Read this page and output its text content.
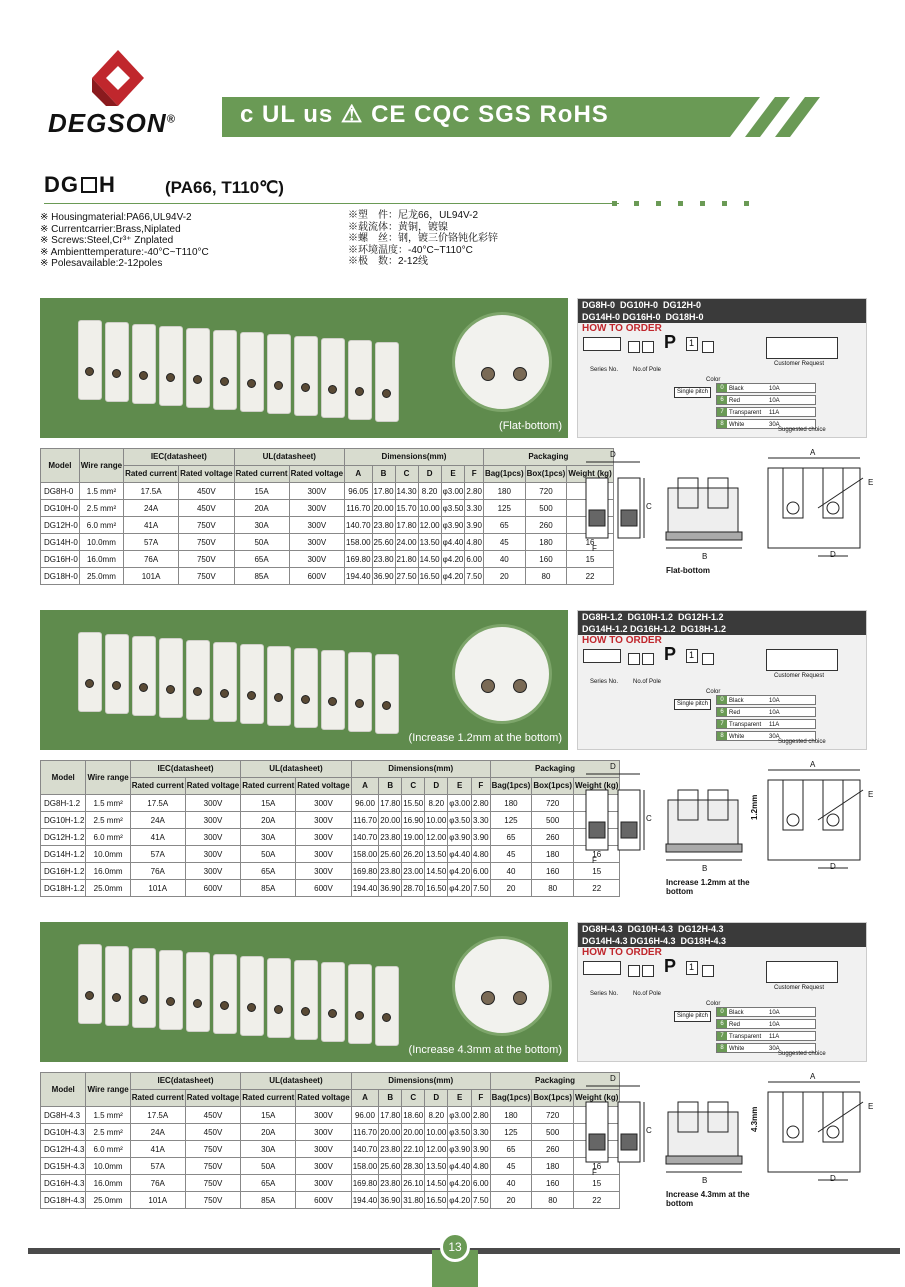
DEGSON®	c UL us ⚠ CE CQC SGS RoHS
DG H	(PA66, T110℃)
※ Housingmaterial:PA66,UL94V-2
※ Currentcarrier:Brass,Niplated
※ Screws:Steel,Cr³⁺ Znplated
※ Ambienttemperature:-40°C~T110°C
※ Polesavailable:2-12poles
※塑　件：尼龙66，UL94V-2
※载流体：黄铜，镀镍
※螺　丝：钢，镀三价铬钝化彩锌
※环境温度：-40°C~T110°C
※极　数：2-12线
(Flat-bottom)
DG8H-0  DG10H-0  DG12H-0
DG14H-0 DG16H-0  DG18H-0
HOW TO ORDER
P 1
Series No. No.of Pole
Color
Customer Request
Single pitch
0 Black	10A
6 Red	10A
7 Transparent 11A
8 White	30A
Suggested choice
Model	Wire range	IEC(datasheet)		UL(datasheet)		Dimensions(mm)						Packaging		
		Rated current	Rated voltage	Rated current	Rated voltage	A	B	C	D	E	F	Bag(1pcs)	Box(1pcs)	Weight (kg)
DG8H-0	1.5 mm²	17.5A	450V	15A	300V	96.05	17.80	14.30	8.20	φ3.00	2.80	180	720	
DG10H-0	2.5 mm²	24A	450V	20A	300V	116.70	20.00	15.70	10.00	φ3.50	3.30	125	500	
DG12H-0	6.0 mm²	41A	750V	30A	300V	140.70	23.80	17.80	12.00	φ3.90	3.90	65	260	
DG14H-0	10.0mm	57A	750V	50A	300V	158.00	25.60	24.00	13.50	φ4.40	4.80	45	180	16
DG16H-0	16.0mm	76A	750V	65A	300V	169.80	23.80	21.80	14.50	φ4.20	6.00	40	160	15
DG18H-0	25.0mm	101A	750V	85A	600V	194.40	36.90	27.50	16.50	φ4.20	7.50	20	80	22
A
B
C
D
E
F
D
Flat-bottom
(Increase 1.2mm at the bottom)
DG8H-1.2  DG10H-1.2  DG12H-1.2
DG14H-1.2 DG16H-1.2  DG18H-1.2
HOW TO ORDER
P 1
Series No. No.of Pole
Color
Customer Request
Single pitch
0 Black	10A
6 Red	10A
7 Transparent 11A
8 White	30A
Suggested choice
Model	Wire range	IEC(datasheet)		UL(datasheet)		Dimensions(mm)						Packaging		
		Rated current	Rated voltage	Rated current	Rated voltage	A	B	C	D	E	F	Bag(1pcs)	Box(1pcs)	Weight (kg)
DG8H-1.2	1.5 mm²	17.5A	300V	15A	300V	96.00	17.80	15.50	8.20	φ3.00	2.80	180	720	
DG10H-1.2	2.5 mm²	24A	300V	20A	300V	116.70	20.00	16.90	10.00	φ3.50	3.30	125	500	
DG12H-1.2	6.0 mm²	41A	300V	30A	300V	140.70	23.80	19.00	12.00	φ3.90	3.90	65	260	
DG14H-1.2	10.0mm	57A	300V	50A	300V	158.00	25.60	26.20	13.50	φ4.40	4.80	45	180	16
DG16H-1.2	16.0mm	76A	300V	65A	300V	169.80	23.80	23.00	14.50	φ4.20	6.00	40	160	15
DG18H-1.2	25.0mm	101A	600V	85A	600V	194.40	36.90	28.70	16.50	φ4.20	7.50	20	80	22
A
B
C
D
E
F
D
1.2mm
Increase 1.2mm at the bottom
(Increase 4.3mm at the bottom)
DG8H-4.3  DG10H-4.3  DG12H-4.3
DG14H-4.3 DG16H-4.3  DG18H-4.3
HOW TO ORDER
P 1
Series No. No.of Pole
Color
Customer Request
Single pitch
0 Black	10A
6 Red	10A
7 Transparent 11A
8 White	30A
Suggested choice
Model	Wire range	IEC(datasheet)		UL(datasheet)		Dimensions(mm)						Packaging		
		Rated current	Rated voltage	Rated current	Rated voltage	A	B	C	D	E	F	Bag(1pcs)	Box(1pcs)	Weight (kg)
DG8H-4.3	1.5 mm²	17.5A	450V	15A	300V	96.00	17.80	18.60	8.20	φ3.00	2.80	180	720	
DG10H-4.3	2.5 mm²	24A	450V	20A	300V	116.70	20.00	20.00	10.00	φ3.50	3.30	125	500	
DG12H-4.3	6.0 mm²	41A	750V	30A	300V	140.70	23.80	22.10	12.00	φ3.90	3.90	65	260	
DG15H-4.3	10.0mm	57A	750V	50A	300V	158.00	25.60	28.30	13.50	φ4.40	4.80	45	180	16
DG16H-4.3	16.0mm	76A	750V	65A	300V	169.80	23.80	26.10	14.50	φ4.20	6.00	40	160	15
DG18H-4.3	25.0mm	101A	750V	85A	600V	194.40	36.90	31.80	16.50	φ4.20	7.50	20	80	22
A
B
C
D
E
F
D
4.3mm
Increase 4.3mm at the bottom
13
